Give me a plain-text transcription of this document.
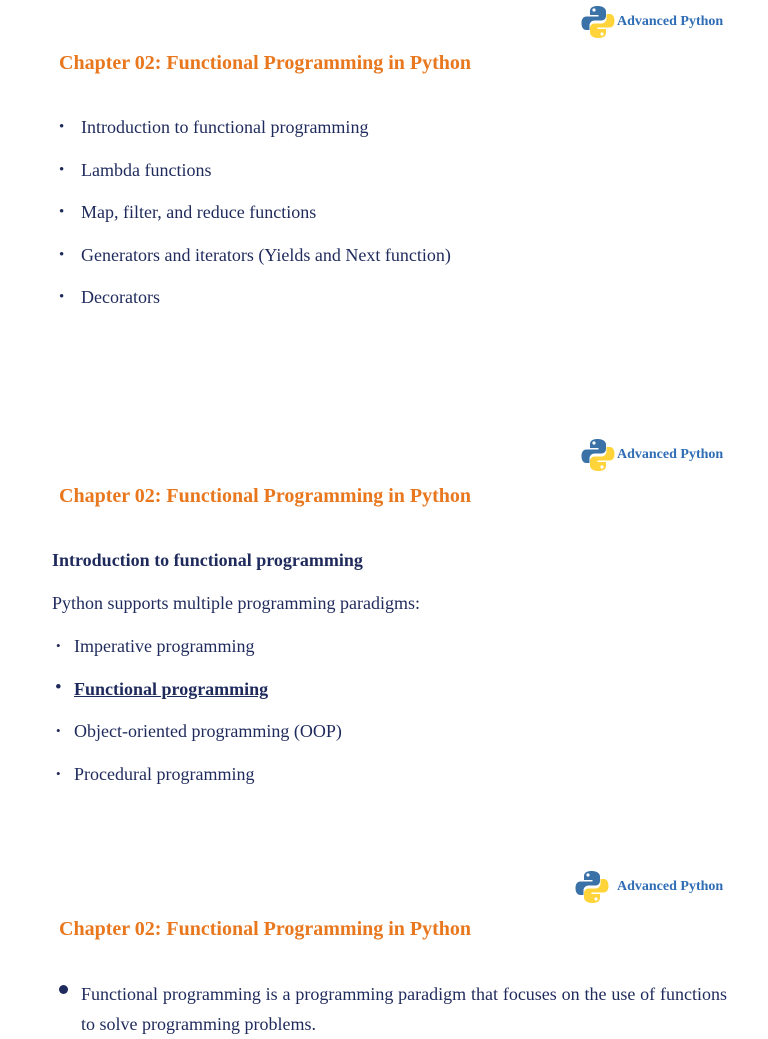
Advanced Python
Chapter 02: Functional Programming in Python
• Introduction to functional programming
• Lambda functions
• Map, filter, and reduce functions
• Generators and iterators (Yields and Next function)
• Decorators
Advanced Python
Chapter 02: Functional Programming in Python
Introduction to functional programming

Python supports multiple programming paradigms:

• Imperative programming
• Functional programming
• Object-oriented programming (OOP)
• Procedural programming
Advanced Python
Chapter 02: Functional Programming in Python

Functional programming is a programming paradigm that focuses on the use of functions to solve programming problems.
